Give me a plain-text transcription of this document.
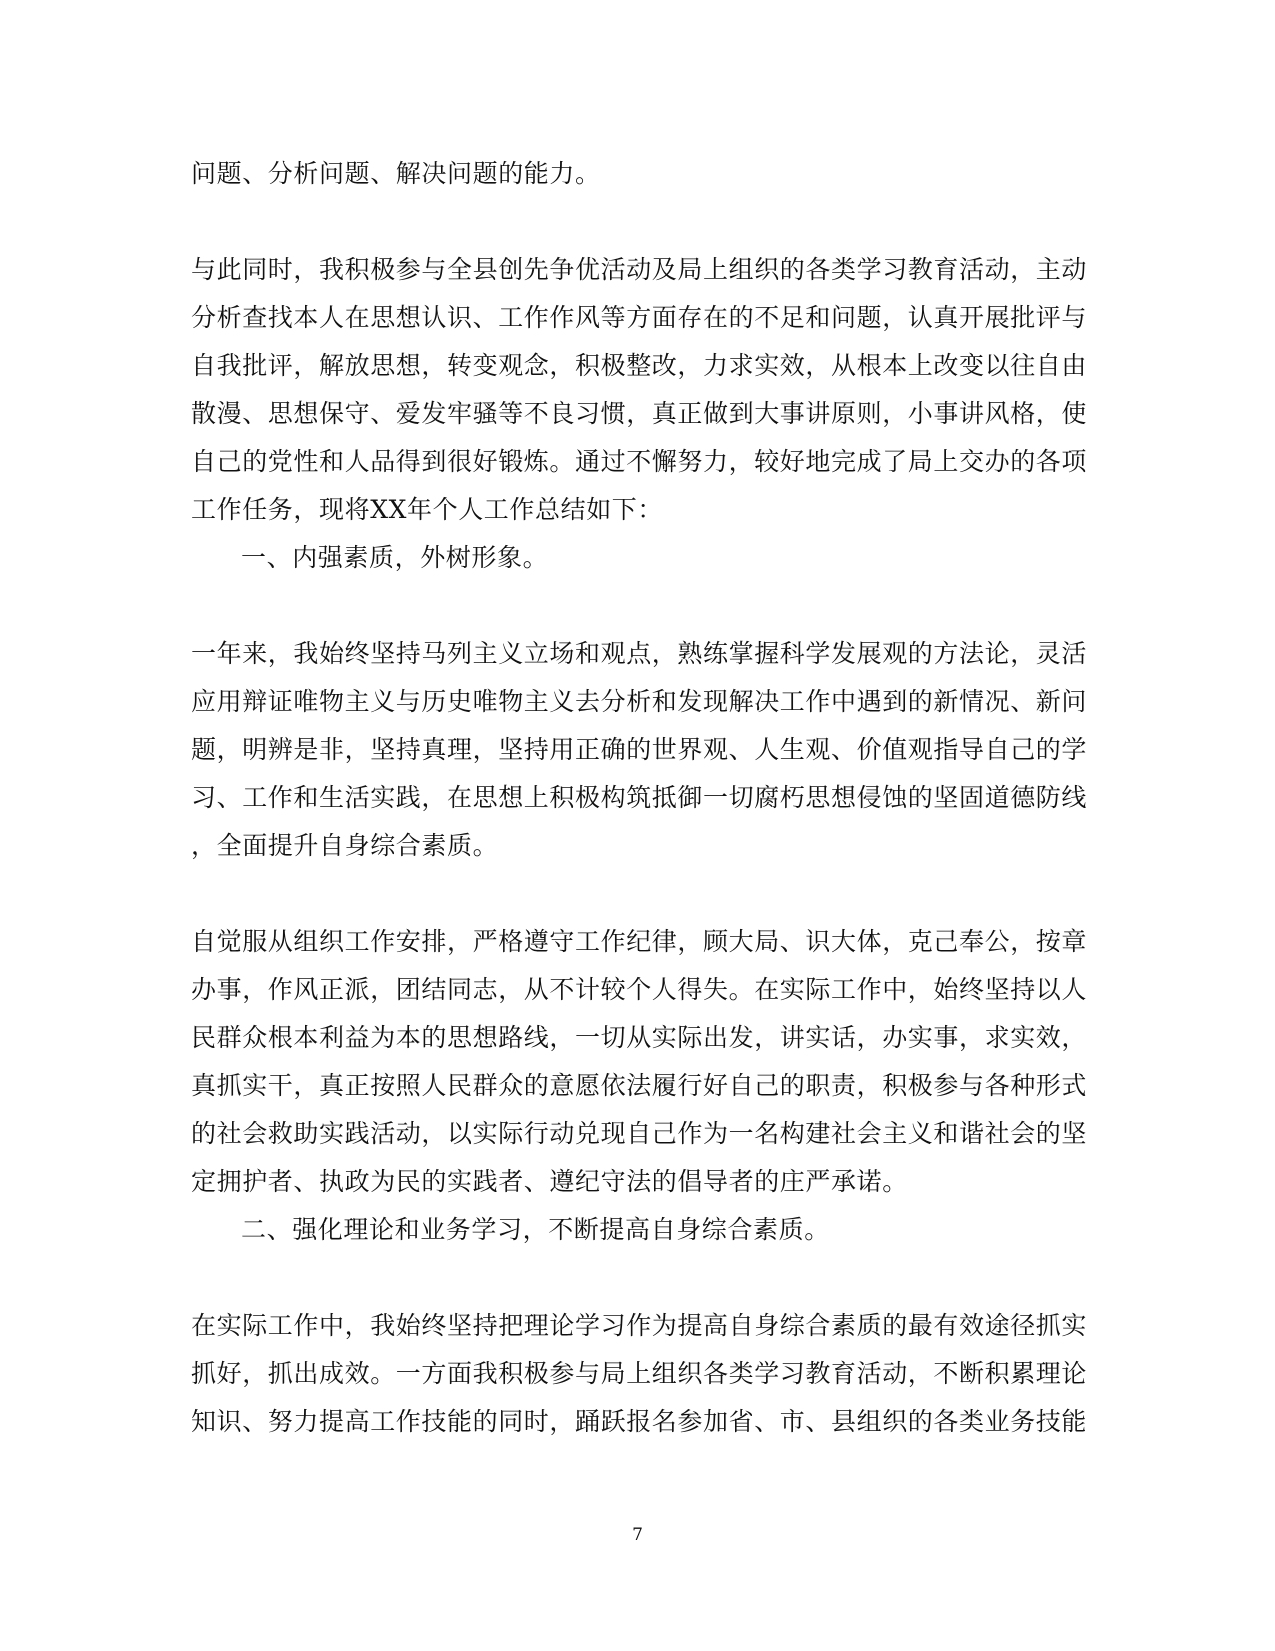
问题、分析问题、解决问题的能力。
与此同时，我积极参与全县创先争优活动及局上组织的各类学习教育活动，主动
分析查找本人在思想认识、工作作风等方面存在的不足和问题，认真开展批评与
自我批评，解放思想，转变观念，积极整改，力求实效，从根本上改变以往自由
散漫、思想保守、爱发牢骚等不良习惯，真正做到大事讲原则，小事讲风格，使
自己的党性和人品得到很好锻炼。通过不懈努力，较好地完成了局上交办的各项
工作任务，现将XX年个人工作总结如下：
一、内强素质，外树形象。
一年来，我始终坚持马列主义立场和观点，熟练掌握科学发展观的方法论，灵活
应用辩证唯物主义与历史唯物主义去分析和发现解决工作中遇到的新情况、新问
题，明辨是非，坚持真理，坚持用正确的世界观、人生观、价值观指导自己的学
习、工作和生活实践，在思想上积极构筑抵御一切腐朽思想侵蚀的坚固道德防线
，全面提升自身综合素质。
自觉服从组织工作安排，严格遵守工作纪律，顾大局、识大体，克己奉公，按章
办事，作风正派，团结同志，从不计较个人得失。在实际工作中，始终坚持以人
民群众根本利益为本的思想路线，一切从实际出发，讲实话，办实事，求实效，
真抓实干，真正按照人民群众的意愿依法履行好自己的职责，积极参与各种形式
的社会救助实践活动，以实际行动兑现自己作为一名构建社会主义和谐社会的坚
定拥护者、执政为民的实践者、遵纪守法的倡导者的庄严承诺。
二、强化理论和业务学习，不断提高自身综合素质。
在实际工作中，我始终坚持把理论学习作为提高自身综合素质的最有效途径抓实
抓好，抓出成效。一方面我积极参与局上组织各类学习教育活动，不断积累理论
知识、努力提高工作技能的同时，踊跃报名参加省、市、县组织的各类业务技能
7
